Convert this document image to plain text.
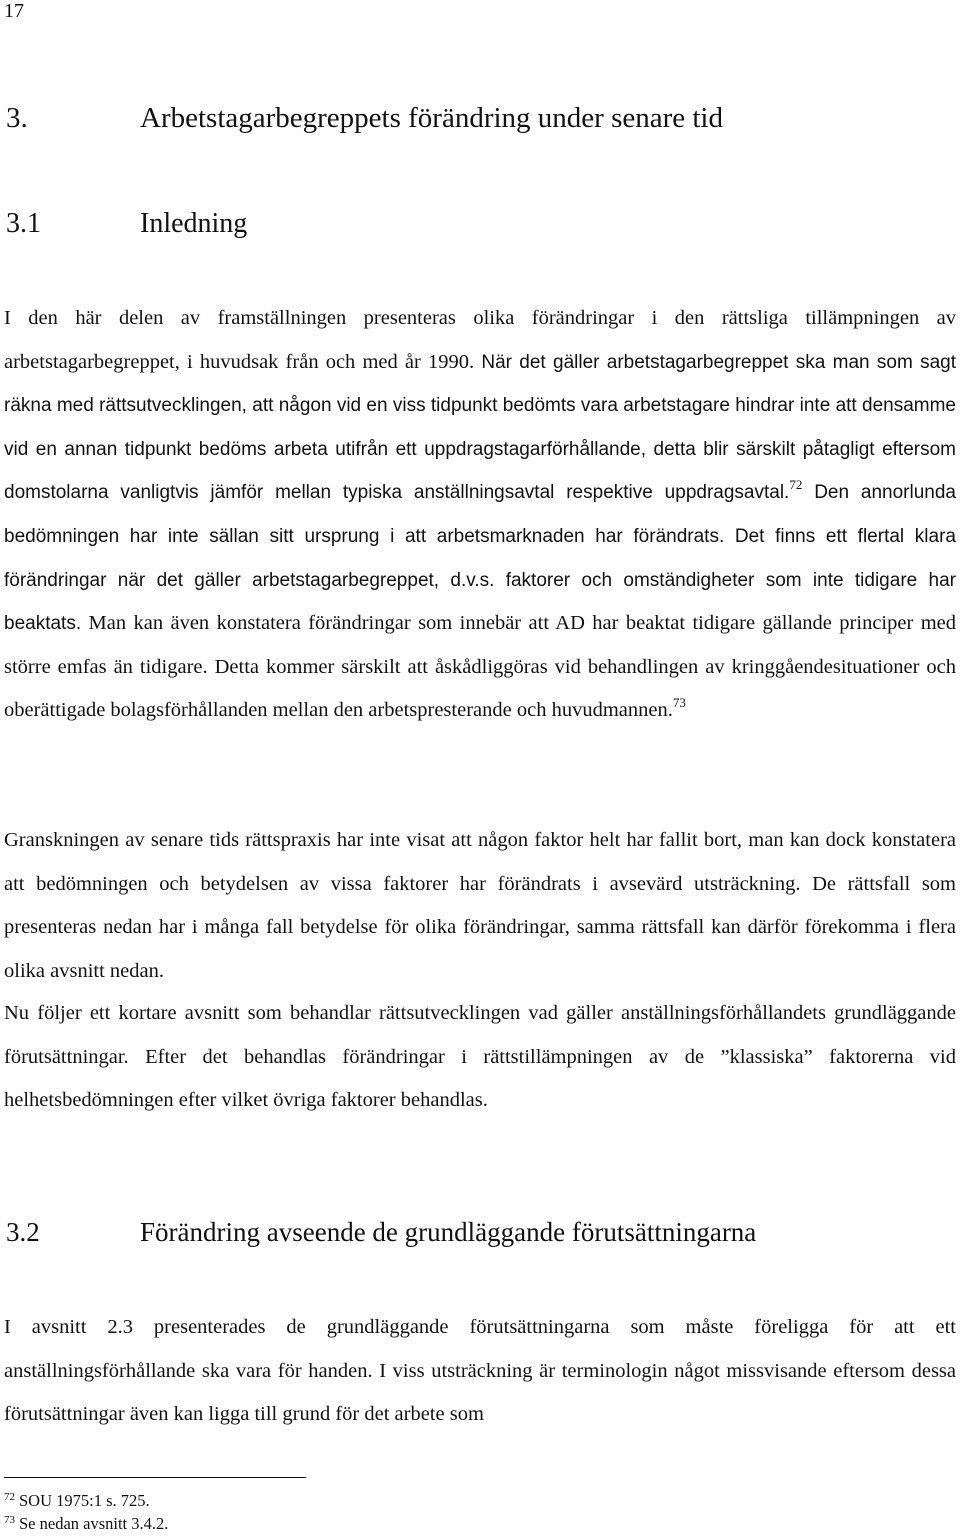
17
3.	Arbetstagarbegreppets förändring under senare tid
3.1	Inledning
I den här delen av framställningen presenteras olika förändringar i den rättsliga tillämpningen av arbetstagarbegreppet, i huvudsak från och med år 1990. När det gäller arbetstagarbegreppet ska man som sagt räkna med rättsutvecklingen, att någon vid en viss tidpunkt bedömts vara arbetstagare hindrar inte att densamme vid en annan tidpunkt bedöms arbeta utifrån ett uppdragstagarförhållande, detta blir särskilt påtagligt eftersom domstolarna vanligtvis jämför mellan typiska anställningsavtal respektive uppdragsavtal.$^{72}$ Den annorlunda bedömningen har inte sällan sitt ursprung i att arbetsmarknaden har förändrats. Det finns ett flertal klara förändringar när det gäller arbetstagarbegreppet, d.v.s. faktorer och omständigheter som inte tidigare har beaktats. Man kan även konstatera förändringar som innebär att AD har beaktat tidigare gällande principer med större emfas än tidigare. Detta kommer särskilt att åskådliggöras vid behandlingen av kringgåendesituationer och oberättigade bolagsförhållanden mellan den arbetspresterande och huvudmannen.$^{73}$
Granskningen av senare tids rättspraxis har inte visat att någon faktor helt har fallit bort, man kan dock konstatera att bedömningen och betydelsen av vissa faktorer har förändrats i avsevärd utsträckning. De rättsfall som presenteras nedan har i många fall betydelse för olika förändringar, samma rättsfall kan därför förekomma i flera olika avsnitt nedan.
Nu följer ett kortare avsnitt som behandlar rättsutvecklingen vad gäller anställningsförhållandets grundläggande förutsättningar. Efter det behandlas förändringar i rättstillämpningen av de ”klassiska” faktorerna vid helhetsbedömningen efter vilket övriga faktorer behandlas.
3.2	Förändring avseende de grundläggande förutsättningarna
I avsnitt 2.3 presenterades de grundläggande förutsättningarna som måste föreligga för att ett anställningsförhållande ska vara för handen. I viss utsträckning är terminologin något missvisande eftersom dessa förutsättningar även kan ligga till grund för det arbete som
$^{72}$ SOU 1975:1 s. 725.
$^{73}$ Se nedan avsnitt 3.4.2.
